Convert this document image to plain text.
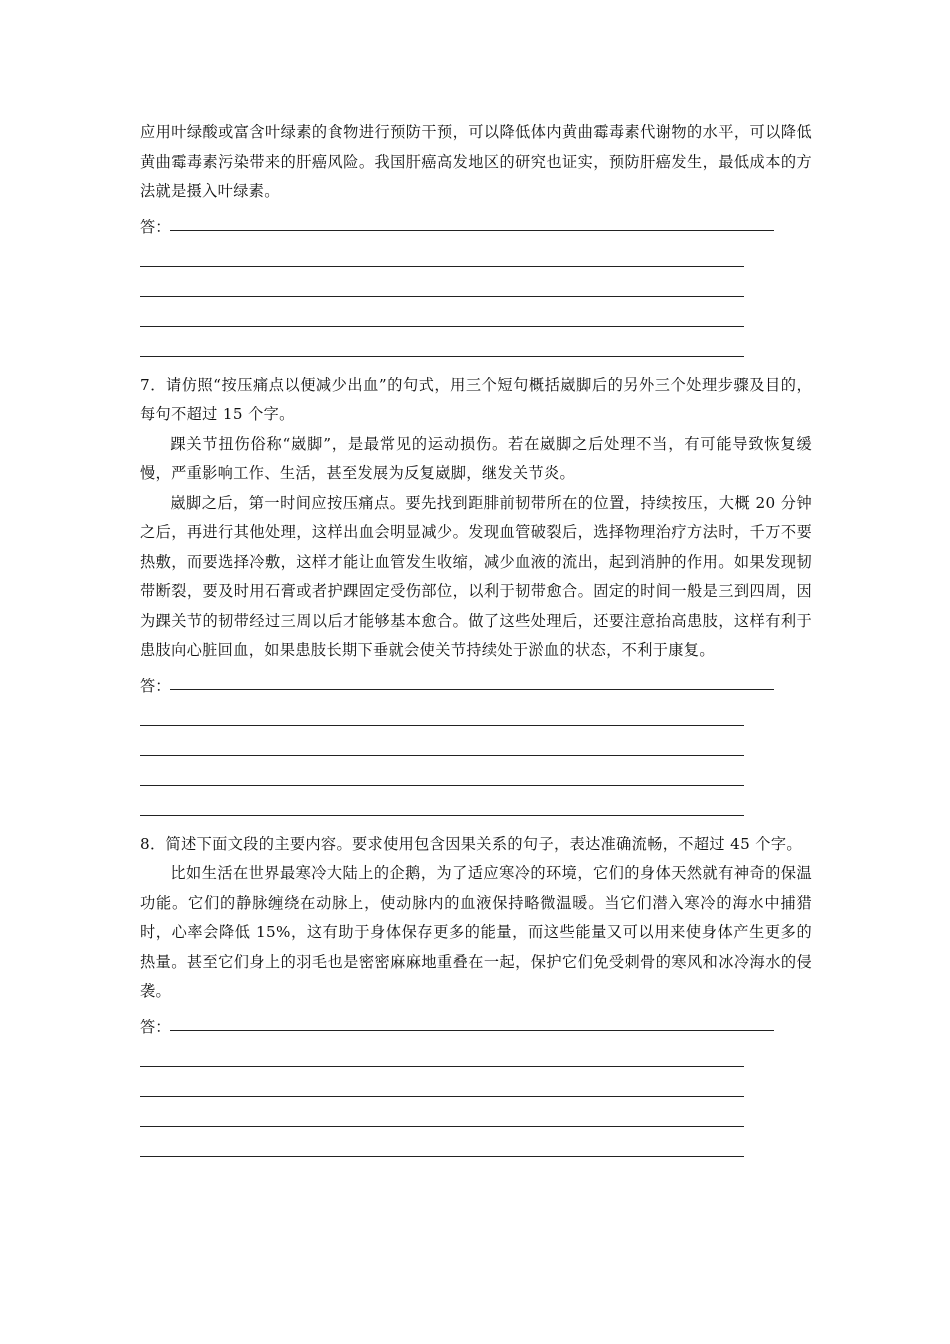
应用叶绿酸或富含叶绿素的食物进行预防干预，可以降低体内黄曲霉毒素代谢物的水平，可以降低黄曲霉毒素污染带来的肝癌风险。我国肝癌高发地区的研究也证实，预防肝癌发生，最低成本的方法就是摄入叶绿素。

答：

7．请仿照“按压痛点以便减少出血”的句式，用三个短句概括崴脚后的另外三个处理步骤及目的，每句不超过 15 个字。

踝关节扭伤俗称“崴脚”，是最常见的运动损伤。若在崴脚之后处理不当，有可能导致恢复缓慢，严重影响工作、生活，甚至发展为反复崴脚，继发关节炎。

崴脚之后，第一时间应按压痛点。要先找到距腓前韧带所在的位置，持续按压，大概 20 分钟之后，再进行其他处理，这样出血会明显减少。发现血管破裂后，选择物理治疗方法时，千万不要热敷，而要选择冷敷，这样才能让血管发生收缩，减少血液的流出，起到消肿的作用。如果发现韧带断裂，要及时用石膏或者护踝固定受伤部位，以利于韧带愈合。固定的时间一般是三到四周，因为踝关节的韧带经过三周以后才能够基本愈合。做了这些处理后，还要注意抬高患肢，这样有利于患肢向心脏回血，如果患肢长期下垂就会使关节持续处于淤血的状态，不利于康复。

答：

8．简述下面文段的主要内容。要求使用包含因果关系的句子，表达准确流畅，不超过 45 个字。

比如生活在世界最寒冷大陆上的企鹅，为了适应寒冷的环境，它们的身体天然就有神奇的保温功能。它们的静脉缠绕在动脉上，使动脉内的血液保持略微温暖。当它们潜入寒冷的海水中捕猎时，心率会降低 15%，这有助于身体保存更多的能量，而这些能量又可以用来使身体产生更多的热量。甚至它们身上的羽毛也是密密麻麻地重叠在一起，保护它们免受刺骨的寒风和冰冷海水的侵袭。

答：
